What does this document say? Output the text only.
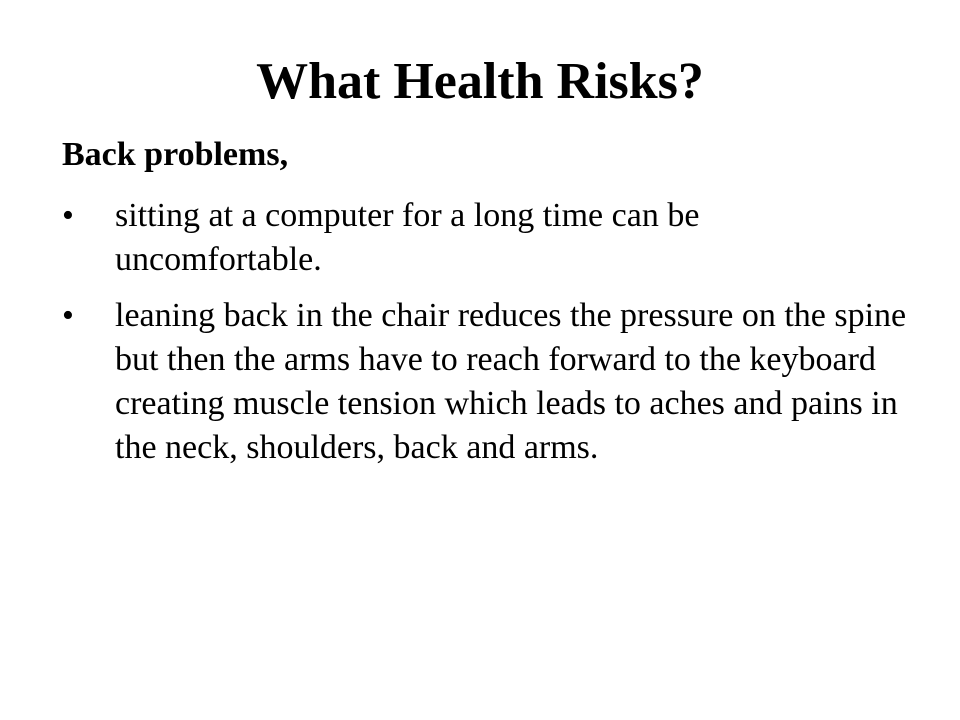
What Health Risks?
Back problems,
•	sitting at a computer for a long time can be uncomfortable.
•	leaning back in the chair reduces the pressure on the spine but then the arms have to reach forward to the keyboard creating muscle tension which leads to aches and pains in the neck, shoulders, back and arms.
